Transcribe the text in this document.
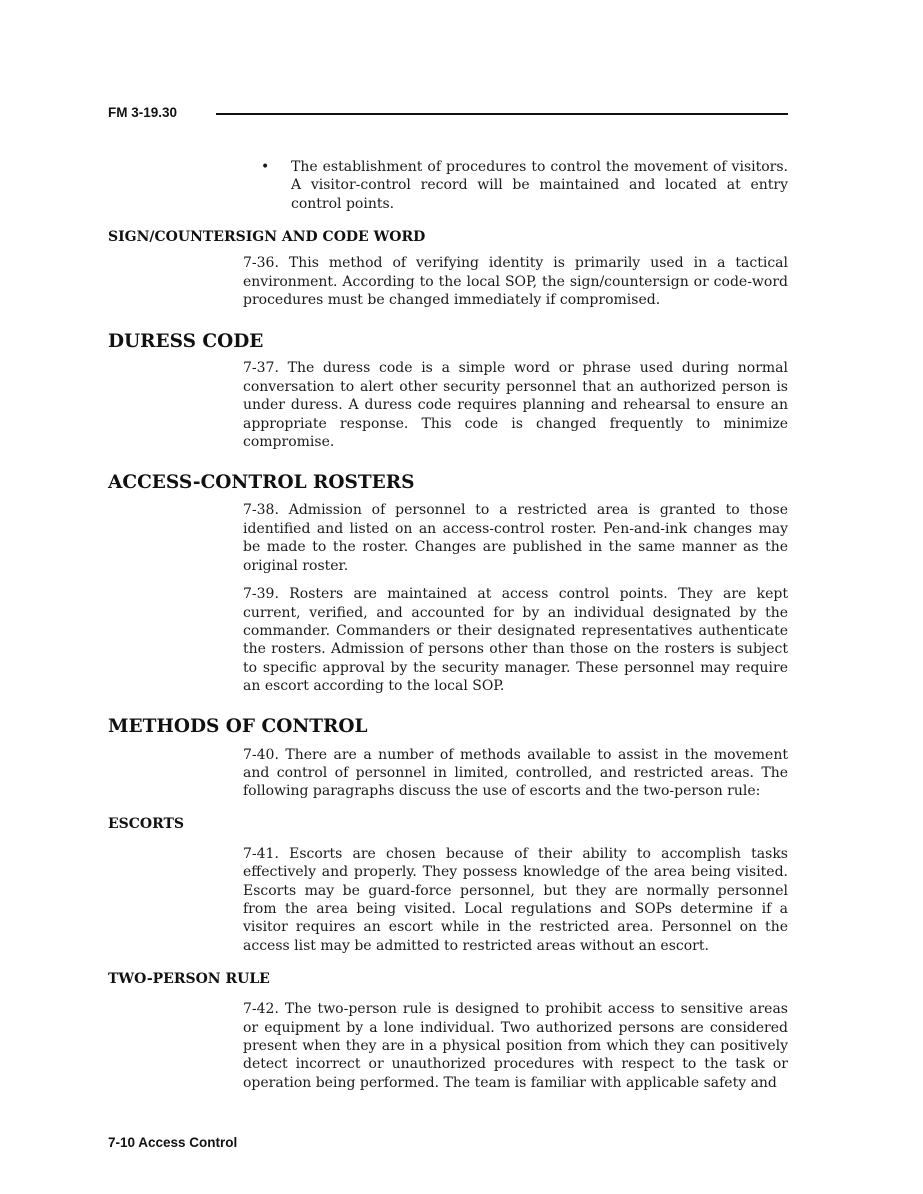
FM 3-19.30
• The establishment of procedures to control the movement of visitors. A visitor-control record will be maintained and located at entry control points.
SIGN/COUNTERSIGN AND CODE WORD

7-36. This method of verifying identity is primarily used in a tactical environment. According to the local SOP, the sign/countersign or code-word procedures must be changed immediately if compromised.

DURESS CODE

7-37. The duress code is a simple word or phrase used during normal conversation to alert other security personnel that an authorized person is under duress. A duress code requires planning and rehearsal to ensure an appropriate response. This code is changed frequently to minimize compromise.

ACCESS-CONTROL ROSTERS

7-38. Admission of personnel to a restricted area is granted to those identified and listed on an access-control roster. Pen-and-ink changes may be made to the roster. Changes are published in the same manner as the original roster.

7-39. Rosters are maintained at access control points. They are kept current, verified, and accounted for by an individual designated by the commander. Commanders or their designated representatives authenticate the rosters. Admission of persons other than those on the rosters is subject to specific approval by the security manager. These personnel may require an escort according to the local SOP.

METHODS OF CONTROL

7-40. There are a number of methods available to assist in the movement and control of personnel in limited, controlled, and restricted areas. The following paragraphs discuss the use of escorts and the two-person rule:

ESCORTS

7-41. Escorts are chosen because of their ability to accomplish tasks effectively and properly. They possess knowledge of the area being visited. Escorts may be guard-force personnel, but they are normally personnel from the area being visited. Local regulations and SOPs determine if a visitor requires an escort while in the restricted area. Personnel on the access list may be admitted to restricted areas without an escort.

TWO-PERSON RULE

7-42. The two-person rule is designed to prohibit access to sensitive areas or equipment by a lone individual. Two authorized persons are considered present when they are in a physical position from which they can positively detect incorrect or unauthorized procedures with respect to the task or operation being performed. The team is familiar with applicable safety and

7-10 Access Control
